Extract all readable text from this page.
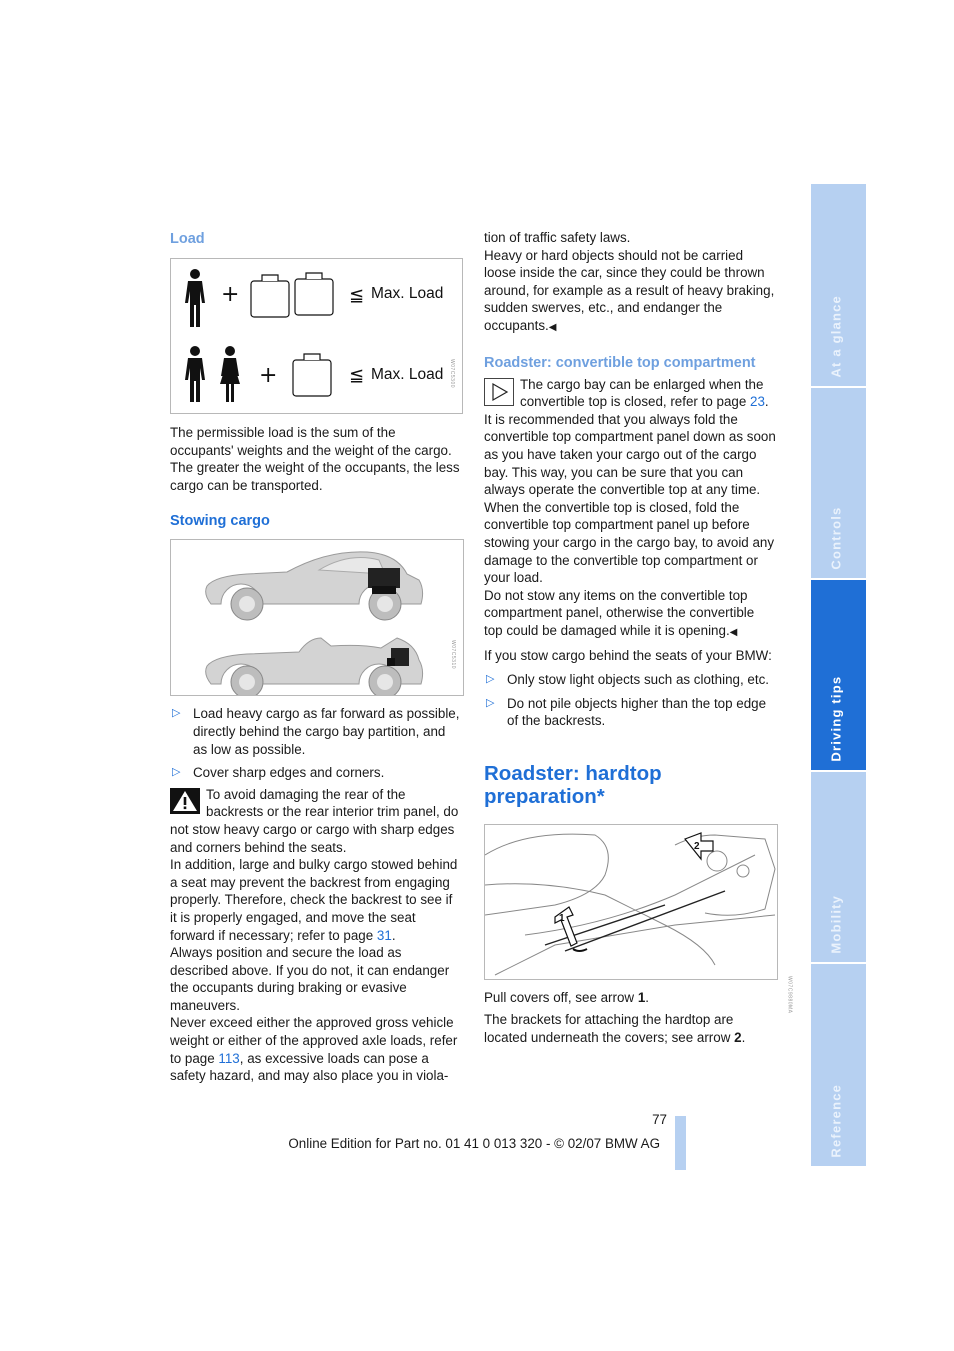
Load
+	≦ Max. Load
+	≦ Max. Load	W07C5300

The permissible load is the sum of the occupants' weights and the weight of the cargo. The greater the weight of the occupants, the less cargo can be transported.

Stowing cargo
W07C5310
▷ Load heavy cargo as far forward as possible, directly behind the cargo bay partition, and as low as possible.
▷ Cover sharp edges and corners.

To avoid damaging the rear of the backrests or the rear interior trim panel, do not stow heavy cargo or cargo with sharp edges and corners behind the seats.

In addition, large and bulky cargo stowed behind a seat may prevent the backrest from engaging properly. Therefore, check the backrest to see if it is properly engaged, and move the seat forward if necessary; refer to page 31.

Always position and secure the load as described above. If you do not, it can endanger the occupants during braking or evasive maneuvers.

Never exceed either the approved gross vehicle weight or either of the approved axle loads, refer to page 113, as excessive loads can pose a safety hazard, and may also place you in viola-

tion of traffic safety laws.

Heavy or hard objects should not be carried loose inside the car, since they could be thrown around, for example as a result of heavy braking, sudden swerves, etc., and endanger the occupants.◀

Roadster: convertible top compartment

The cargo bay can be enlarged when the convertible top is closed, refer to page 23.

It is recommended that you always fold the convertible top compartment panel down as soon as you have taken your cargo out of the cargo bay. This way, you can be sure that you can always operate the convertible top at any time. When the convertible top is closed, fold the convertible top compartment panel up before stowing your cargo in the cargo bay, to avoid any damage to the convertible top compartment or your load.

Do not stow any items on the convertible top compartment panel, otherwise the convertible top could be damaged while it is opening.◀

If you stow cargo behind the seats of your BMW:

▷ Only stow light objects such as clothing, etc.
▷ Do not pile objects higher than the top edge of the backrests.
Roadster: hardtop preparation*
1
2
W07C9880MA

Pull covers off, see arrow 1.

The brackets for attaching the hardtop are located underneath the covers; see arrow 2.

At a glance
Controls
Driving tips
Mobility
Reference
77
Online Edition for Part no. 01 41 0 013 320 - © 02/07 BMW AG
